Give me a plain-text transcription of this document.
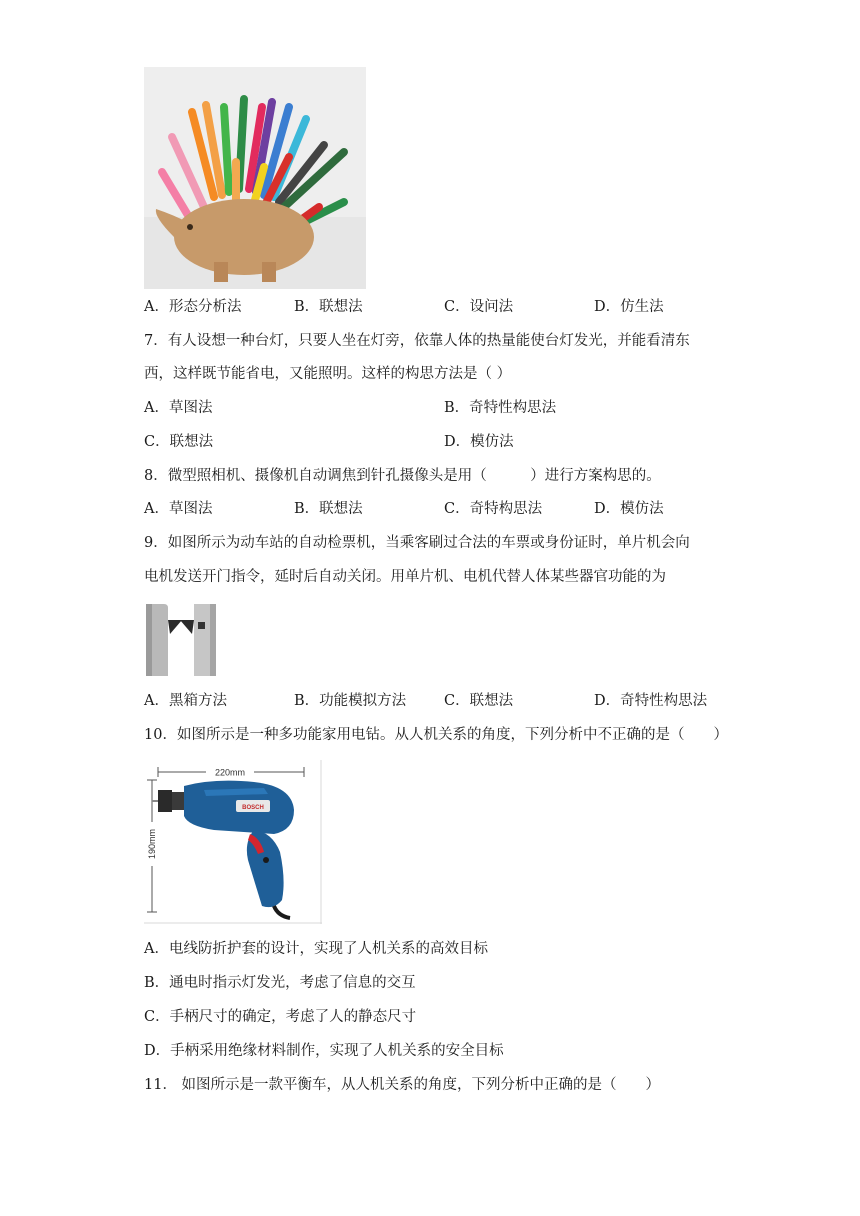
A．形态分析法	B．联想法	C．设问法	D．仿生法
7．有人设想一种台灯，只要人坐在灯旁，依靠人体的热量能使台灯发光，并能看清东
西，这样既节能省电，又能照明。这样的构思方法是（ ）
A．草图法	B．奇特性构思法
C．联想法	D．模仿法
8．微型照相机、摄像机自动调焦到针孔摄像头是用（　　　）进行方案构思的。
A．草图法	B．联想法	C．奇特构思法	D．模仿法
9．如图所示为动车站的自动检票机，当乘客刷过合法的车票或身份证时，单片机会向
电机发送开门指令，延时后自动关闭。用单片机、电机代替人体某些器官功能的为
A．黑箱方法	B．功能模拟方法	C．联想法	D．奇特性构思法
10．如图所示是一种多功能家用电钻。从人机关系的角度，下列分析中不正确的是（　　）
220mm
190mm
BOSCH
A．电线防折护套的设计，实现了人机关系的高效目标
B．通电时指示灯发光，考虑了信息的交互
C．手柄尺寸的确定，考虑了人的静态尺寸
D．手柄采用绝缘材料制作，实现了人机关系的安全目标
11． 如图所示是一款平衡车，从人机关系的角度，下列分析中正确的是（　　）
